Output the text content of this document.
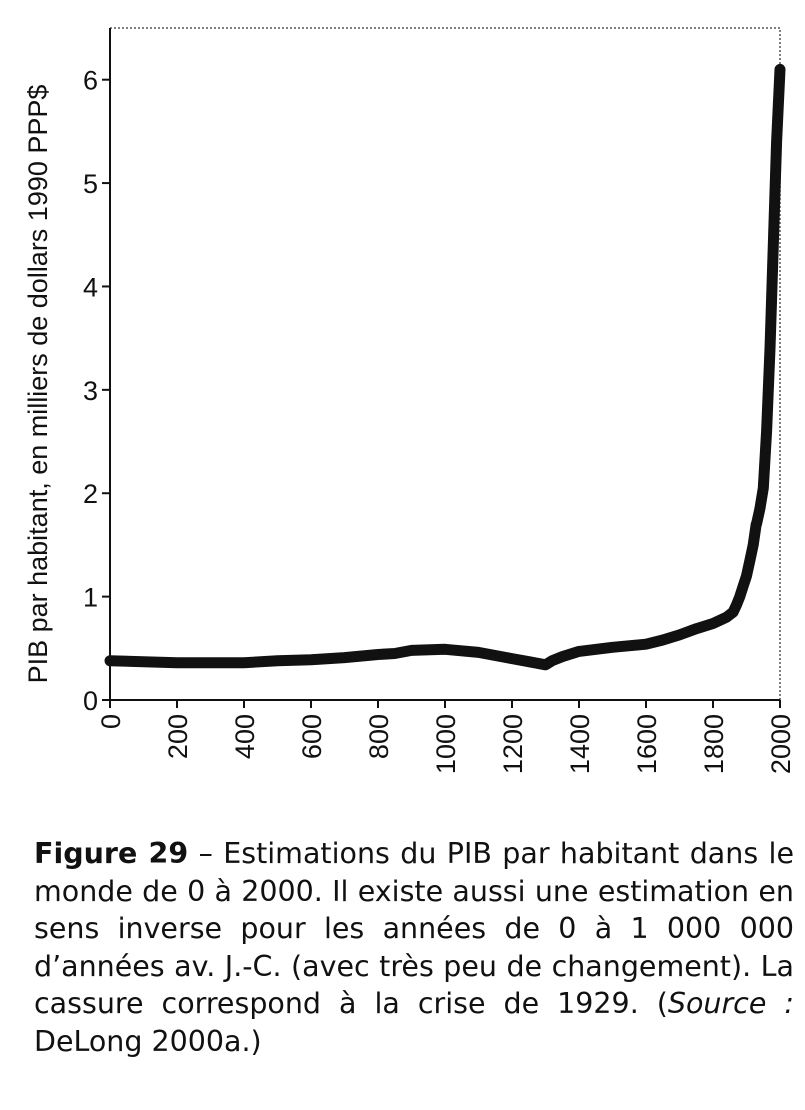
0
1
2
3
4
5
6
0 200 400 600 800 1000 1200 1400 1600 1800 2000
PIB par habitant, en milliers de dollars 1990 PPP$
Figure 29 – Estimations du PIB par habitant dans le monde de 0 à 2000. Il existe aussi une estimation en sens inverse pour les années de 0 à 1 000 000 d’années av. J.-C. (avec très peu de changement). La cassure correspond à la crise de 1929. (Source : DeLong 2000a.)
